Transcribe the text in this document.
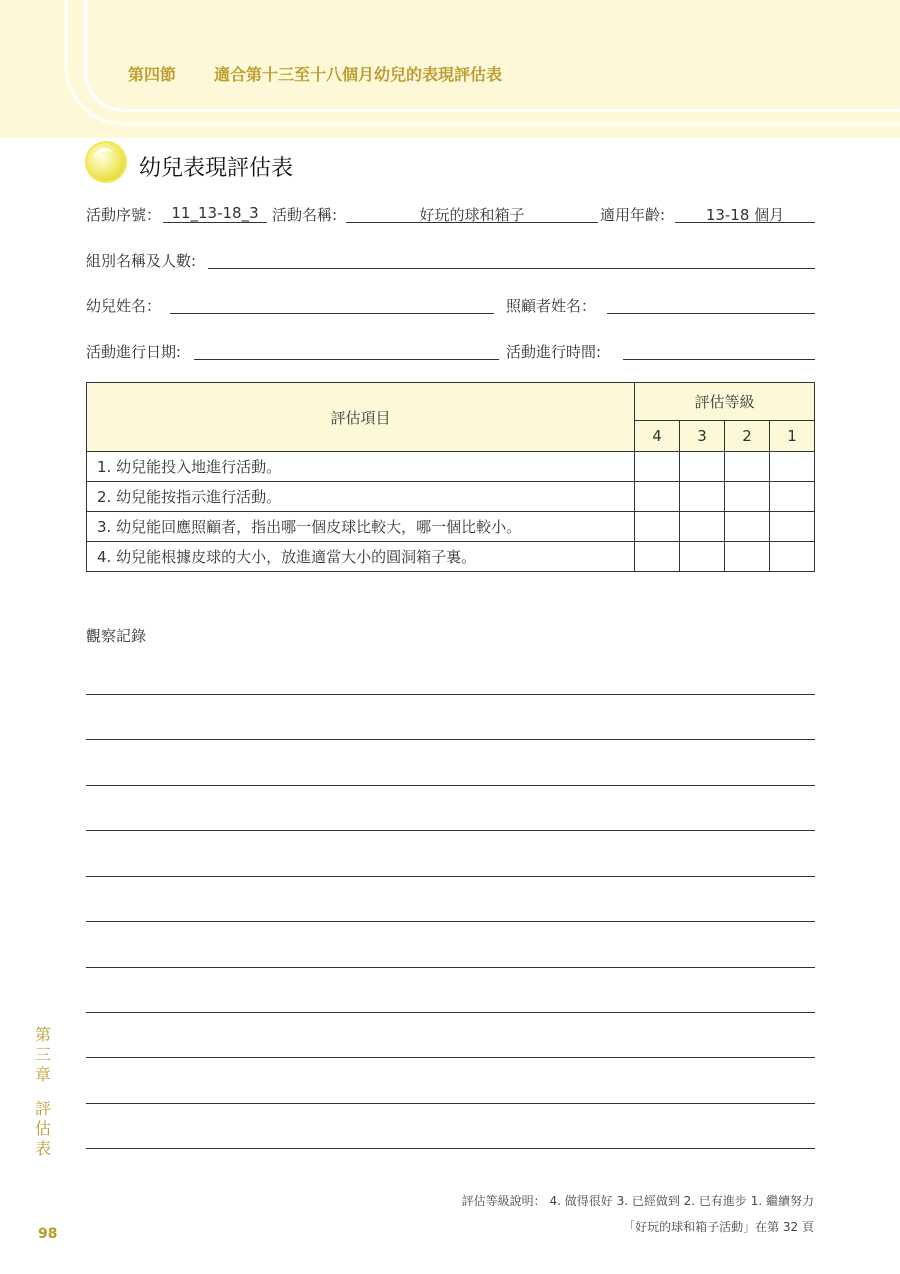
第四節 適合第十三至十八個月幼兒的表現評估表
幼兒表現評估表
活動序號： 11_13-18_3 活動名稱:	好玩的球和箱子	適用年齡:	13-18 個月
組別名稱及人數:
幼兒姓名：	照顧者姓名：
活動進行日期:	活動進行時間:
評估項目	評估等級			
	4	3	2	1
1. 幼兒能投入地進行活動。				
2. 幼兒能按指示進行活動。				
3. 幼兒能回應照顧者，指出哪一個皮球比較大，哪一個比較小。				
4. 幼兒能根據皮球的大小，放進適當大小的圓洞箱子裏。				
觀察記錄
第
三
章
評
估
表
98
評估等級說明： 4. 做得很好 3. 已經做到 2. 已有進步 1. 繼續努力
「好玩的球和箱子活動」在第 32 頁
